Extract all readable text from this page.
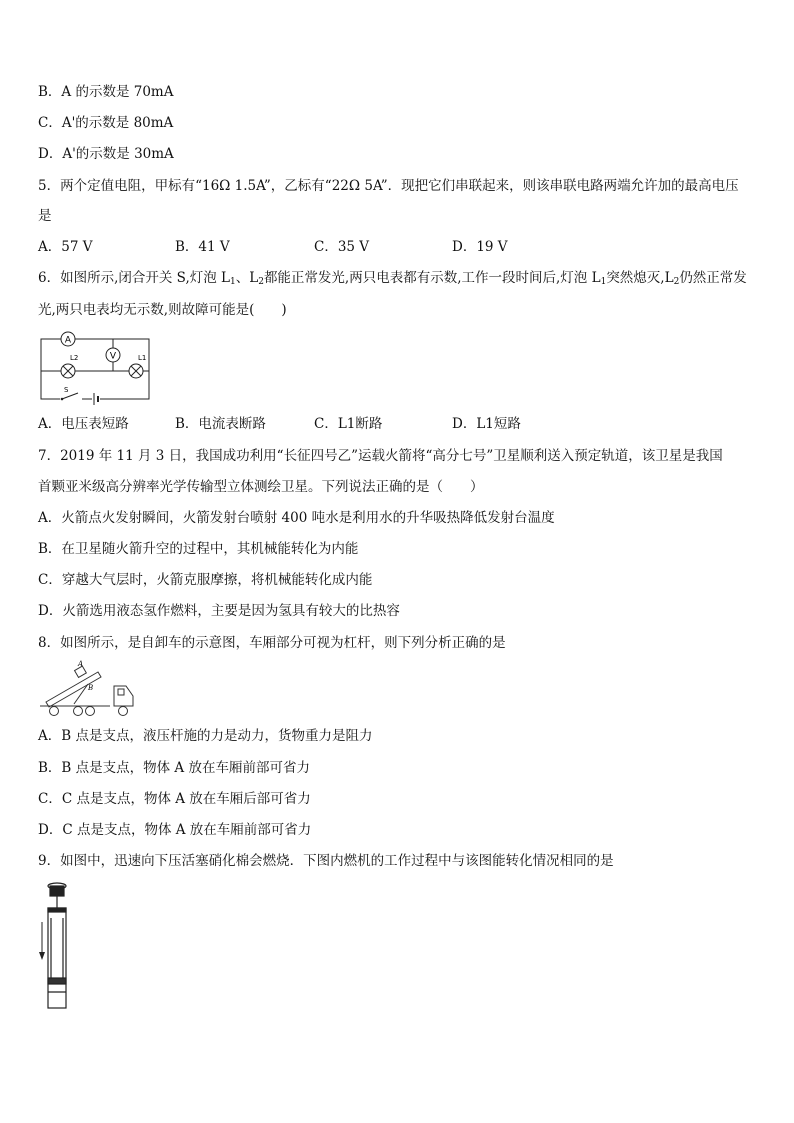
B．A 的示数是 70mA
C．A'的示数是 80mA
D．A'的示数是 30mA
5．两个定值电阻，甲标有“16Ω 1.5A”，乙标有“22Ω 5A”．现把它们串联起来，则该串联电路两端允许加的最高电压
是
A．57 V	B．41 V	C．35 V	D．19 V
6．如图所示,闭合开关 S,灯泡 $L_1$、$L_2$都能正常发光,两只电表都有示数,工作一段时间后,灯泡 $L_1$突然熄灭$,L_2$仍然正常发
光,两只电表均无示数,则故障可能是(　　)
A
V
L2	L1
S
A．电压表短路	B．电流表断路	C．L1断路	D．L1短路
7．2019 年 11 月 3 日，我国成功利用“长征四号乙”运载火箭将“高分七号”卫星顺利送入预定轨道，该卫星是我国
首颗亚米级高分辨率光学传输型立体测绘卫星。下列说法正确的是（　　）
A．火箭点火发射瞬间，火箭发射台喷射 400 吨水是利用水的升华吸热降低发射台温度
B．在卫星随火箭升空的过程中，其机械能转化为内能
C．穿越大气层时，火箭克服摩擦，将机械能转化成内能
D．火箭选用液态氢作燃料，主要是因为氢具有较大的比热容
8．如图所示，是自卸车的示意图，车厢部分可视为杠杆，则下列分析正确的是
A
B
A．B 点是支点，液压杆施的力是动力，货物重力是阻力
B．B 点是支点，物体 A 放在车厢前部可省力
C．C 点是支点，物体 A 放在车厢后部可省力
D．C 点是支点，物体 A 放在车厢前部可省力
9．如图中，迅速向下压活塞硝化棉会燃烧．下图内燃机的工作过程中与该图能转化情况相同的是
